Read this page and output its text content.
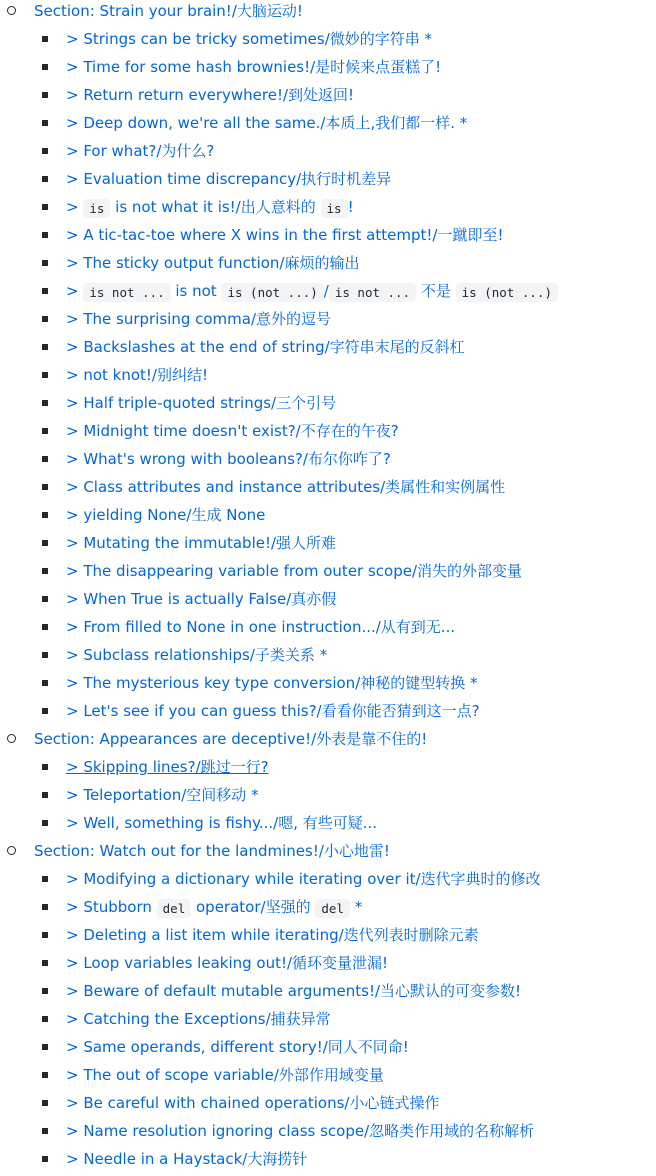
Section: Strain your brain!/大脑运动!
> Strings can be tricky sometimes/微妙的字符串 *
> Time for some hash brownies!/是时候来点蛋糕了!
> Return return everywhere!/到处返回!
> Deep down, we're all the same./本质上,我们都一样. *
> For what?/为什么?
> Evaluation time discrepancy/执行时机差异
> is is not what it is!/出人意料的 is !
> A tic-tac-toe where X wins in the first attempt!/一蹴即至!
> The sticky output function/麻烦的输出
> is not ... is not is (not ...) / is not ... 不是 is (not ...)
> The surprising comma/意外的逗号
> Backslashes at the end of string/字符串末尾的反斜杠
> not knot!/别纠结!
> Half triple-quoted strings/三个引号
> Midnight time doesn't exist?/不存在的午夜?
> What's wrong with booleans?/布尔你咋了?
> Class attributes and instance attributes/类属性和实例属性
> yielding None/生成 None
> Mutating the immutable!/强人所难
> The disappearing variable from outer scope/消失的外部变量
> When True is actually False/真亦假
> From filled to None in one instruction.../从有到无...
> Subclass relationships/子类关系 *
> The mysterious key type conversion/神秘的键型转换 *
> Let's see if you can guess this?/看看你能否猜到这一点?
Section: Appearances are deceptive!/外表是靠不住的!
> Skipping lines?/跳过一行?
> Teleportation/空间移动 *
> Well, something is fishy.../嗯, 有些可疑...
Section: Watch out for the landmines!/小心地雷!
> Modifying a dictionary while iterating over it/迭代字典时的修改
> Stubborn del operator/坚强的 del *
> Deleting a list item while iterating/迭代列表时删除元素
> Loop variables leaking out!/循环变量泄漏!
> Beware of default mutable arguments!/当心默认的可变参数!
> Catching the Exceptions/捕获异常
> Same operands, different story!/同人不同命!
> The out of scope variable/外部作用域变量
> Be careful with chained operations/小心链式操作
> Name resolution ignoring class scope/忽略类作用域的名称解析
> Needle in a Haystack/大海捞针
